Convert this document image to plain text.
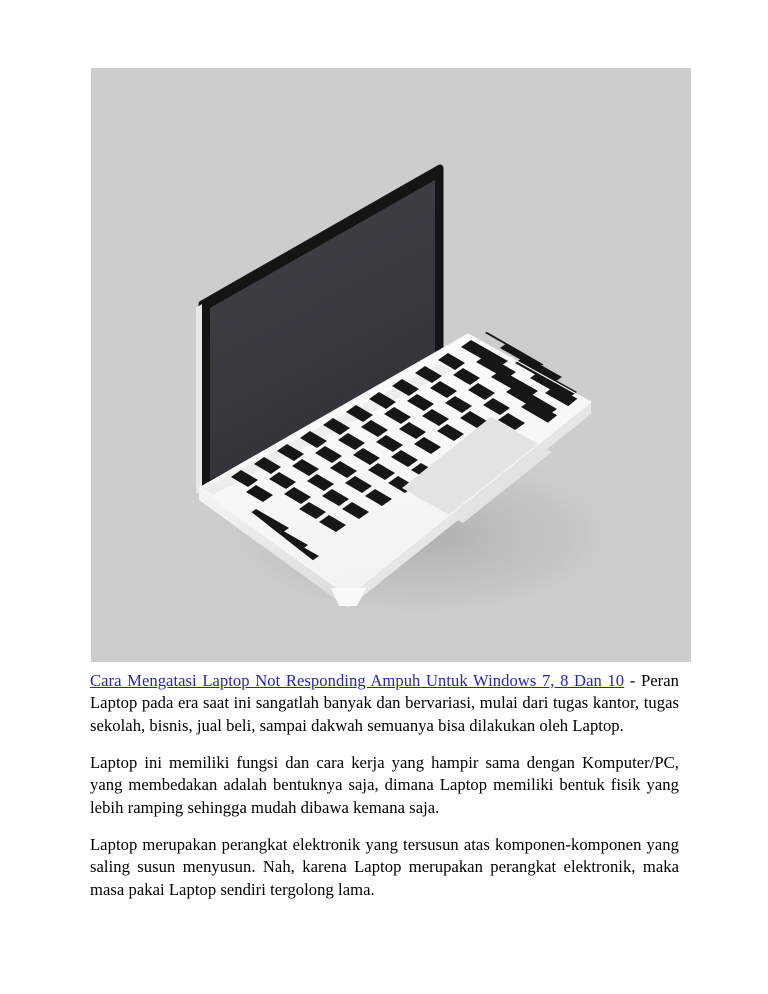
Cara Mengatasi Laptop Not Responding Ampuh Untuk Windows 7, 8 Dan 10 - Peran Laptop pada era saat ini sangatlah banyak dan bervariasi, mulai dari tugas kantor, tugas sekolah, bisnis, jual beli, sampai dakwah semuanya bisa dilakukan oleh Laptop.

Laptop ini memiliki fungsi dan cara kerja yang hampir sama dengan Komputer/PC, yang membedakan adalah bentuknya saja, dimana Laptop memiliki bentuk fisik yang lebih ramping sehingga mudah dibawa kemana saja.

Laptop merupakan perangkat elektronik yang tersusun atas komponen-komponen yang saling susun menyusun. Nah, karena Laptop merupakan perangkat elektronik, maka masa pakai Laptop sendiri tergolong lama.
